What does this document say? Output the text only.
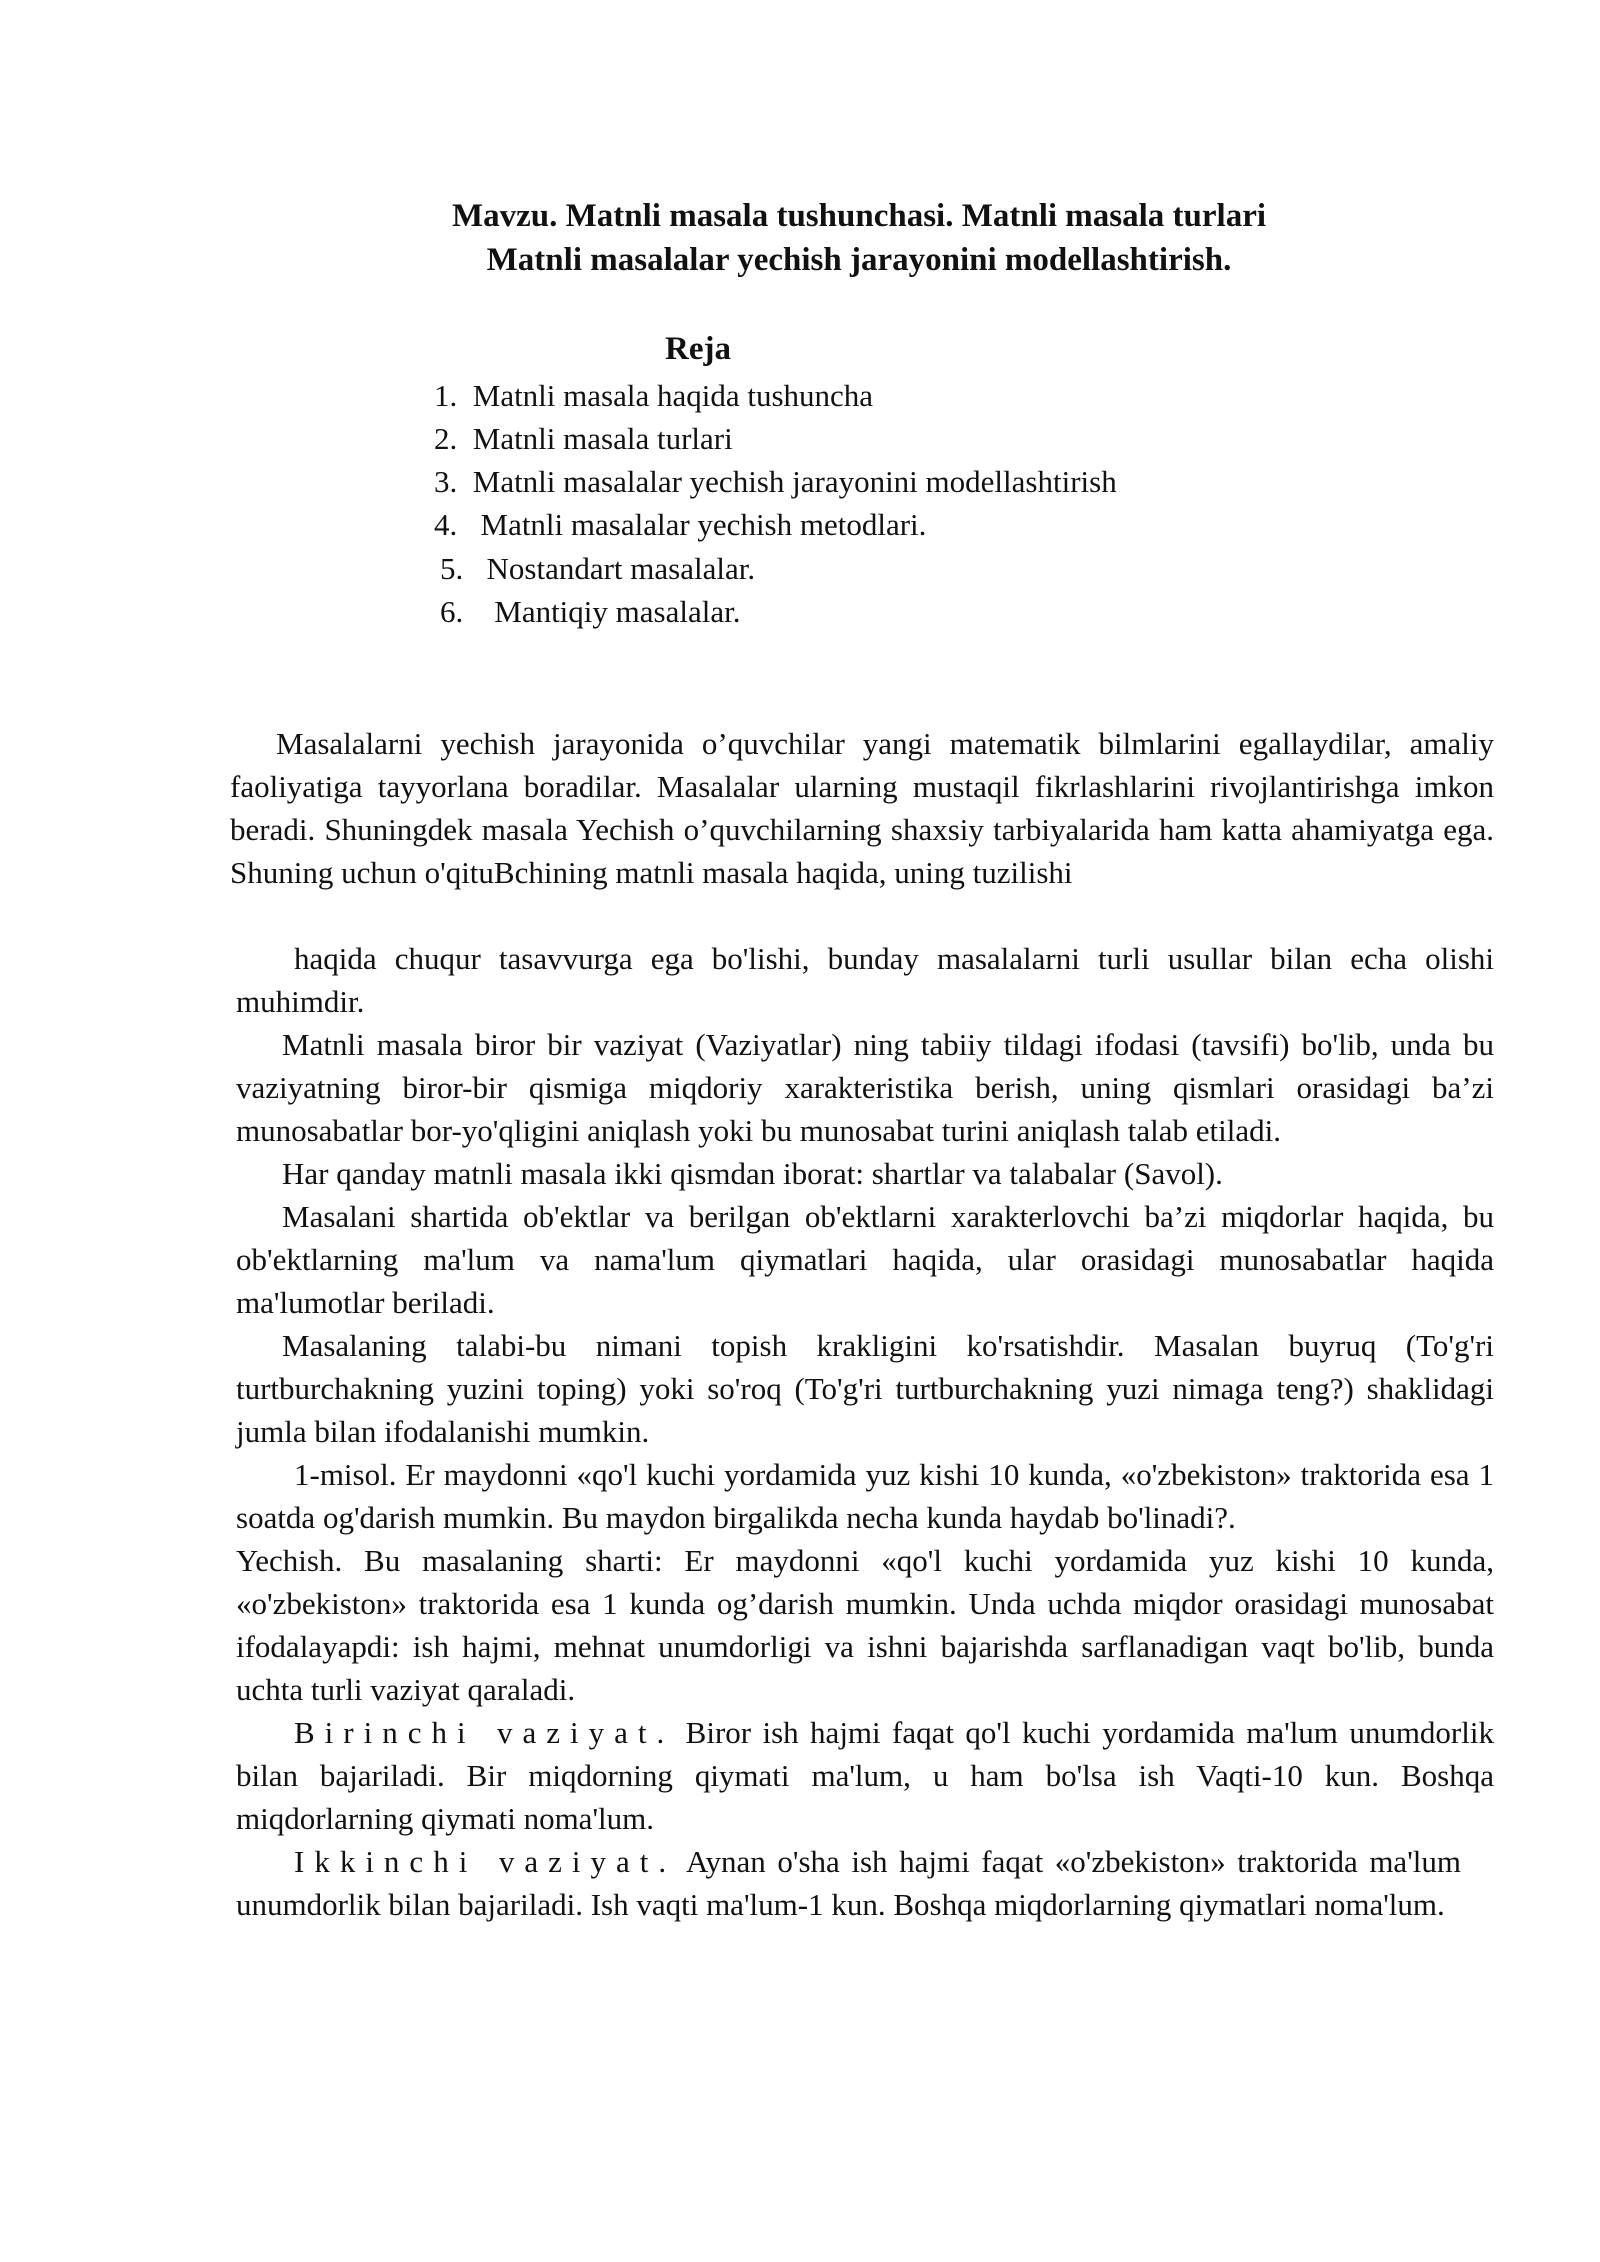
Mavzu. Matnli masala tushunchasi. Matnli masala turlari
Matnli masalalar yechish jarayonini modellashtirish.
Reja
1. Matnli masala haqida tushuncha
2. Matnli masala turlari
3. Matnli masalalar yechish jarayonini modellashtirish
4. Matnli masalalar yechish metodlari.
5. Nostandart masalalar.
6. Mantiqiy masalalar.

Masalalarni yechish jarayonida o’quvchilar yangi matematik bilmlarini egallaydilar, amaliy faoliyatiga tayyorlana boradilar. Masalalar ularning mustaqil fikrlashlarini rivojlantirishga imkon beradi. Shuningdek masala Yechish o’quvchilarning shaxsiy tarbiyalarida ham katta ahamiyatga ega. Shuning uchun o'qituBchining matnli masala haqida, uning tuzilishi

haqida chuqur tasavvurga ega bo'lishi, bunday masalalarni turli usullar bilan echa olishi muhimdir.

Matnli masala biror bir vaziyat (Vaziyatlar) ning tabiiy tildagi ifodasi (tavsifi) bo'lib, unda bu vaziyatning biror-bir qismiga miqdoriy xarakteristika berish, uning qismlari orasidagi ba’zi munosabatlar bor-yo'qligini aniqlash yoki bu munosabat turini aniqlash talab etiladi.

Har qanday matnli masala ikki qismdan iborat: shartlar va talabalar (Savol).

Masalani shartida ob'ektlar va berilgan ob'ektlarni xarakterlovchi ba’zi miqdorlar haqida, bu ob'ektlarning ma'lum va nama'lum qiymatlari haqida, ular orasidagi munosabatlar haqida ma'lumotlar beriladi.

Masalaning talabi-bu nimani topish krakligini ko'rsatishdir. Masalan buyruq (To'g'ri turtburchakning yuzini toping) yoki so'roq (To'g'ri turtburchakning yuzi nimaga teng?) shaklidagi jumla bilan ifodalanishi mumkin.

1-misol. Er maydonni «qo'l kuchi yordamida yuz kishi 10 kunda, «o'zbekiston» traktorida esa 1 soatda og'darish mumkin. Bu maydon birgalikda necha kunda haydab bo'linadi?.

Yechish. Bu masalaning sharti: Er maydonni «qo'l kuchi yordamida yuz kishi 10 kunda, «o'zbekiston» traktorida esa 1 kunda og’darish mumkin. Unda uchda miqdor orasidagi munosabat ifodalayapdi: ish hajmi, mehnat unumdorligi va ishni bajarishda sarflanadigan vaqt bo'lib, bunda uchta turli vaziyat qaraladi.

Birinchi vaziyat. Biror ish hajmi faqat qo'l kuchi yordamida ma'lum unumdorlik bilan bajariladi. Bir miqdorning qiymati ma'lum, u ham bo'lsa ish Vaqti-10 kun. Boshqa miqdorlarning qiymati noma'lum.

Ikkinchi vaziyat. Aynan o'sha ish hajmi faqat «o'zbekiston» traktorida ma'lum unumdorlik bilan bajariladi. Ish vaqti ma'lum-1 kun. Boshqa miqdorlarning qiymatlari noma'lum.
